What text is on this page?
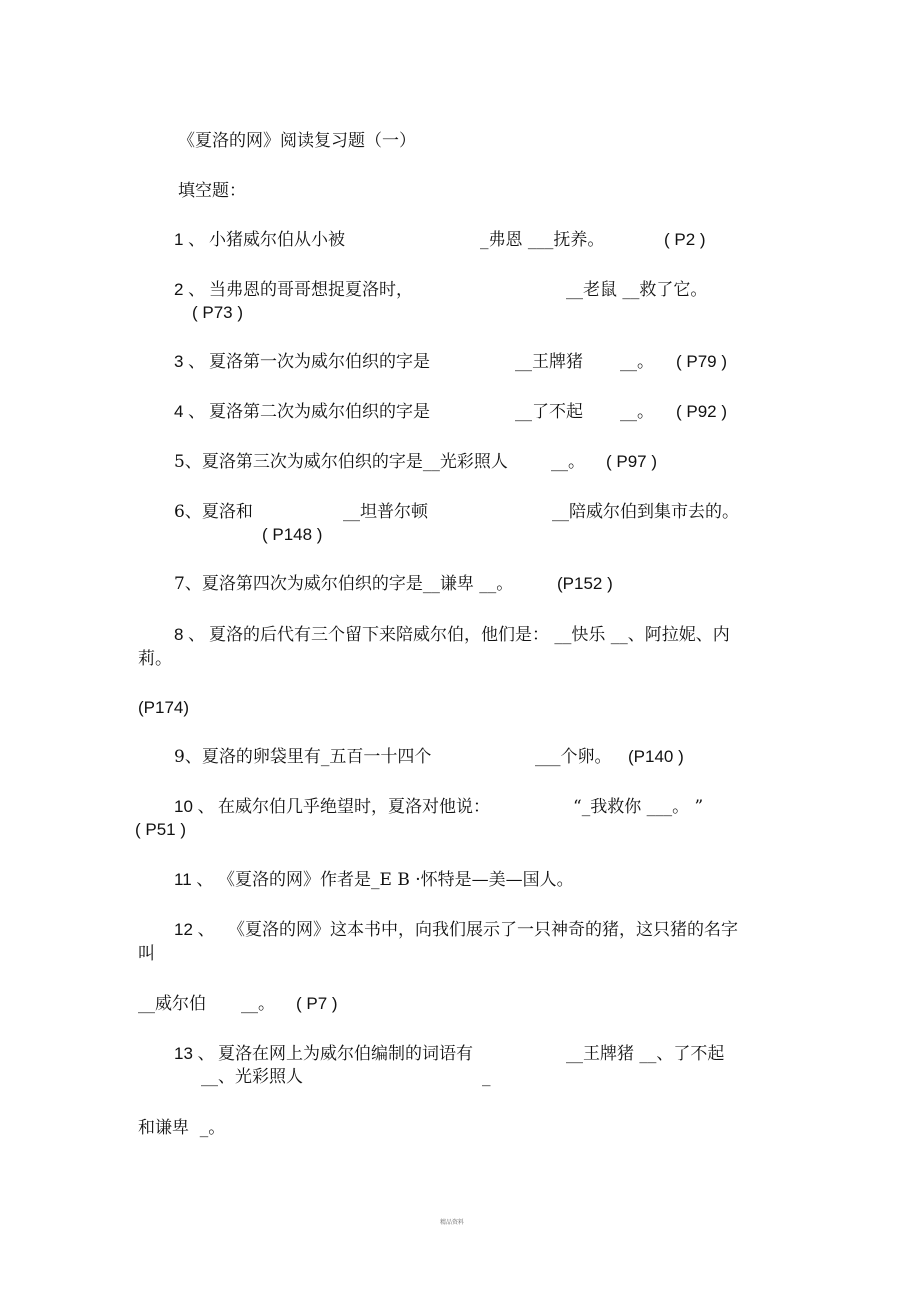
《夏洛的网》阅读复习题（一）
填空题：
1 、 小猪威尔伯从小被	_弗恩 ___抚养。	( P2 )
2 、 当弗恩的哥哥想捉夏洛时，	__老鼠 __救了它。
( P73 )
3 、 夏洛第一次为威尔伯织的字是	__王牌猪 __。 ( P79 )
4 、 夏洛第二次为威尔伯织的字是	__了不起 __。 ( P92 )
5、夏洛第三次为威尔伯织的字是__光彩照人	__。 ( P97 )
6、夏洛和	__坦普尔顿	__陪威尔伯到集市去的。
( P148 )
7、夏洛第四次为威尔伯织的字是__谦卑 __。	(P152 )
8 、 夏洛的后代有三个留下来陪威尔伯，他们是： __快乐 __、阿拉妮、内
莉。
(P174)
9、夏洛的卵袋里有_五百一十四个	___个卵。 (P140 )
10 、 在威尔伯几乎绝望时，夏洛对他说：	“_我救你 ___。 ”
( P51 )
11 、 《夏洛的网》作者是_E B ·怀特是—美—国人。
12 、 《夏洛的网》这本书中，向我们展示了一只神奇的猪，这只猪的名字
叫
__威尔伯 __。 ( P7 )
13 、 夏洛在网上为威尔伯编制的词语有	__王牌猪 __、了不起
__、光彩照人	_
和谦卑  _。
精品资料
